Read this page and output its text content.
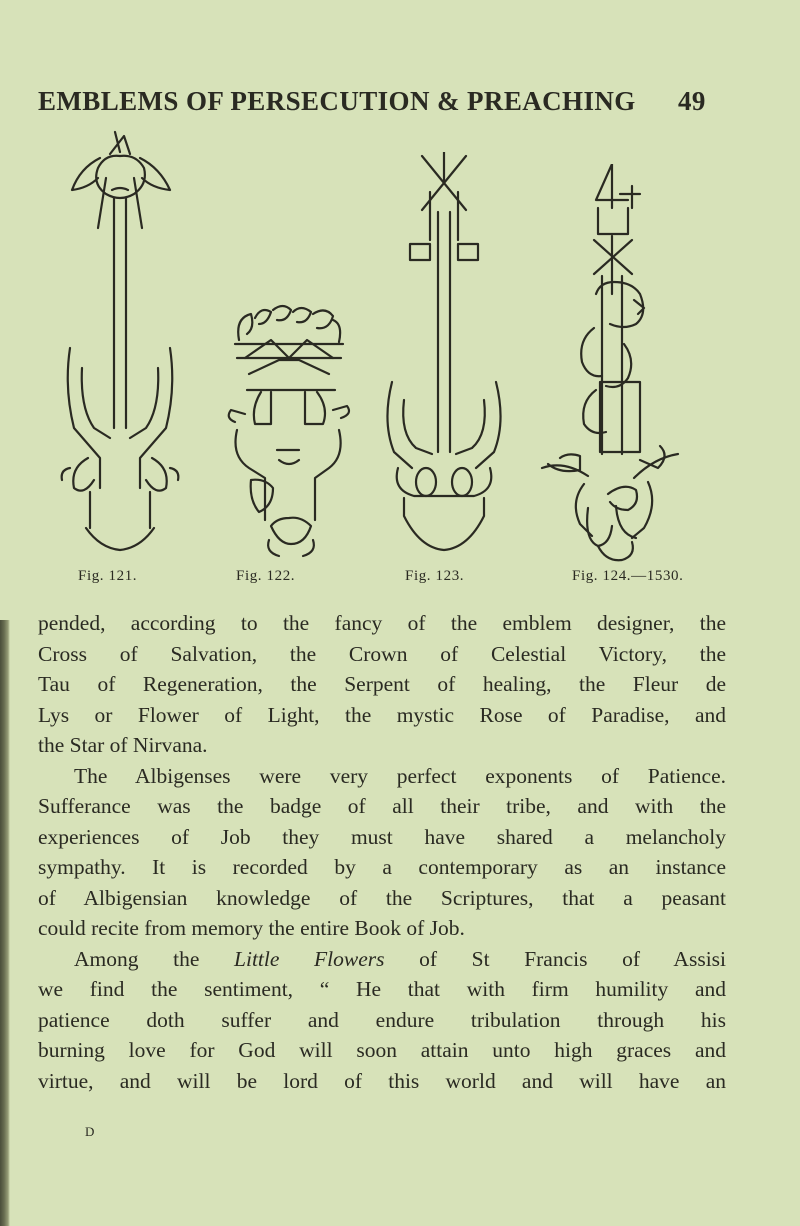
EMBLEMS OF PERSECUTION & PREACHING 49
Fig. 121.	Fig. 122.	Fig. 123.	Fig. 124.—1530.

pended, according to the fancy of the emblem designer, the
Cross of Salvation, the Crown of Celestial Victory, the
Tau of Regeneration, the Serpent of healing, the Fleur de
Lys or Flower of Light, the mystic Rose of Paradise, and
the Star of Nirvana.

The Albigenses were very perfect exponents of Patience.
Sufferance was the badge of all their tribe, and with the
experiences of Job they must have shared a melancholy
sympathy. It is recorded by a contemporary as an instance
of Albigensian knowledge of the Scriptures, that a peasant
could recite from memory the entire Book of Job.

Among the Little Flowers of St Francis of Assisi
we find the sentiment, “ He that with firm humility and
patience doth suffer and endure tribulation through his
burning love for God will soon attain unto high graces and
virtue, and will be lord of this world and will have an

D
